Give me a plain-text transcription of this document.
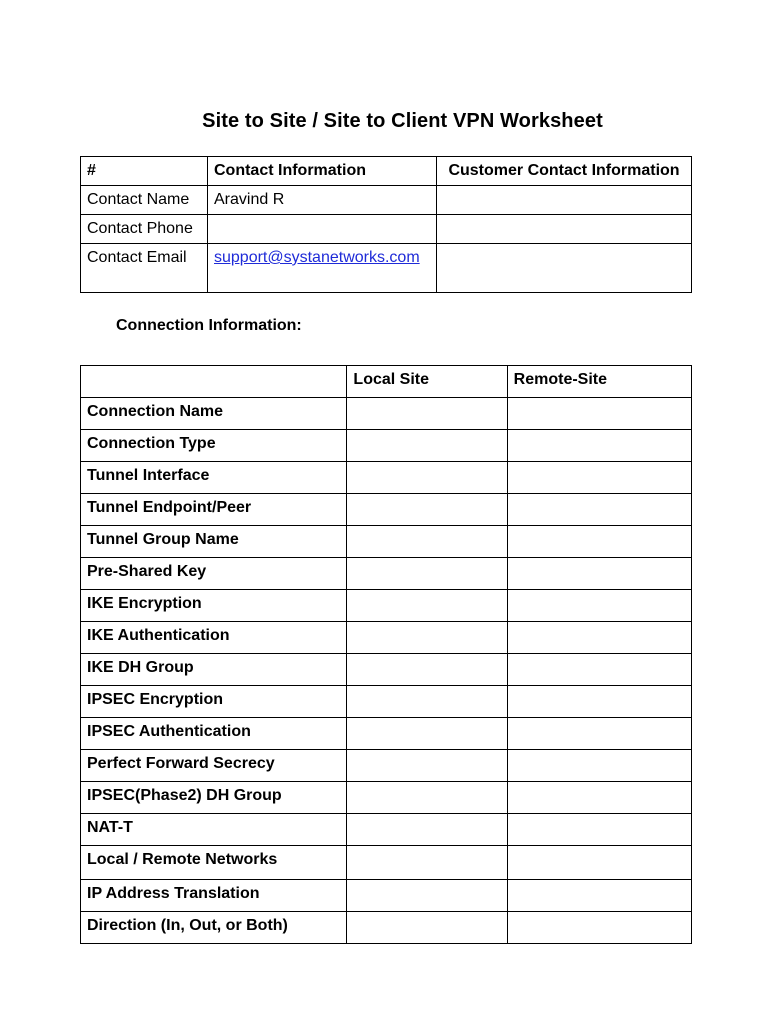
Site to Site / Site to Client VPN Worksheet
#	Contact Information	Customer Contact Information
Contact Name	Aravind R	
Contact Phone		
Contact Email	support@systanetworks.com	
Connection Information:
	Local Site	Remote-Site
Connection Name		
Connection Type		
Tunnel Interface		
Tunnel Endpoint/Peer		
Tunnel Group Name		
Pre-Shared Key		
IKE Encryption		
IKE Authentication		
IKE DH Group		
IPSEC Encryption		
IPSEC Authentication		
Perfect Forward Secrecy		
IPSEC(Phase2) DH Group		
NAT-T		
Local / Remote Networks		
IP Address Translation		
Direction (In, Out, or Both)		
